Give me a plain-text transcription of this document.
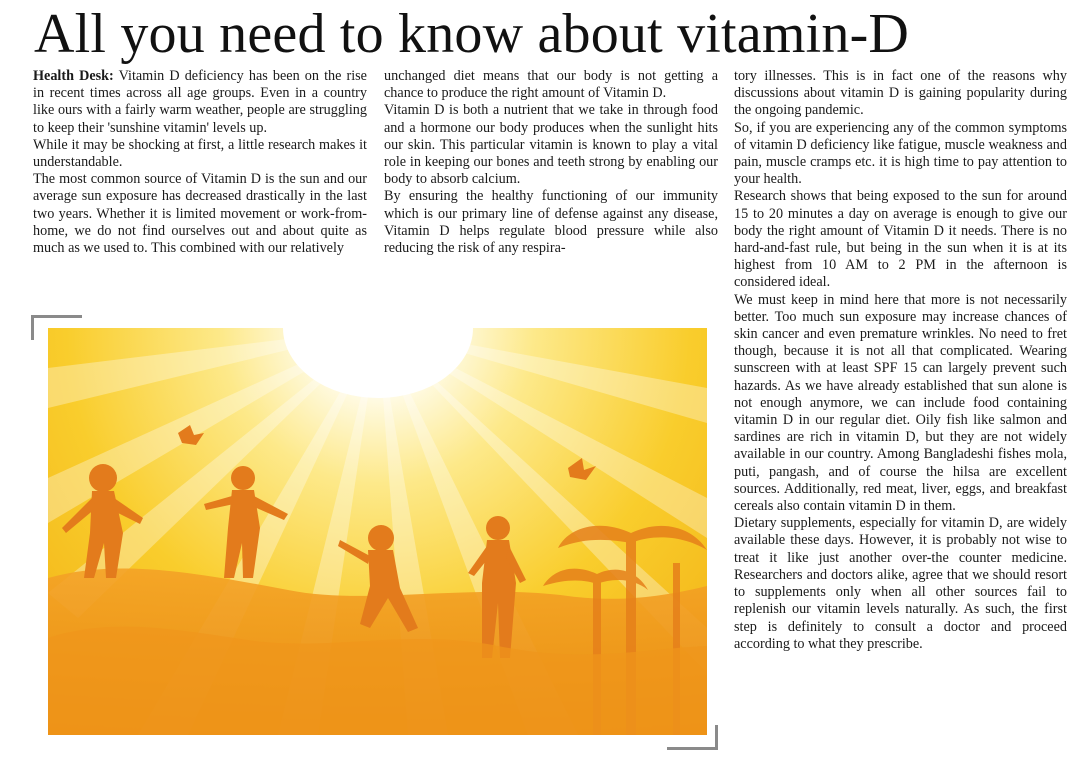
All you need to know about vitamin-D

Health Desk: Vitamin D deficiency has been on the rise in recent times across all age groups. Even in a country like ours with a fairly warm weather, people are struggling to keep their 'sunshine vitamin' levels up.

While it may be shocking at first, a little research makes it understandable.

The most common source of Vitamin D is the sun and our average sun exposure has decreased drastically in the last two years. Whether it is limited movement or work-from-home, we do not find ourselves out and about quite as much as we used to. This combined with our relatively

unchanged diet means that our body is not getting a chance to produce the right amount of Vitamin D.

Vitamin D is both a nutrient that we take in through food and a hormone our body produces when the sunlight hits our skin. This particular vitamin is known to play a vital role in keeping our bones and teeth strong by enabling our body to absorb calcium.

By ensuring the healthy functioning of our immunity which is our primary line of defense against any disease, Vitamin D helps regulate blood pressure while also reducing the risk of any respira-

tory illnesses. This is in fact one of the reasons why discussions about vitamin D is gaining popularity during the ongoing pandemic.

So, if you are experiencing any of the common symptoms of vitamin D deficiency like fatigue, muscle weakness and pain, muscle cramps etc. it is high time to pay attention to your health.

Research shows that being exposed to the sun for around 15 to 20 minutes a day on average is enough to give our body the right amount of Vitamin D it needs. There is no hard-and-fast rule, but being in the sun when it is at its highest from 10 AM to 2 PM in the afternoon is considered ideal.

We must keep in mind here that more is not necessarily better. Too much sun exposure may increase chances of skin cancer and even premature wrinkles. No need to fret though, because it is not all that complicated. Wearing sunscreen with at least SPF 15 can largely prevent such hazards. As we have already established that sun alone is not enough anymore, we can include food containing vitamin D in our regular diet. Oily fish like salmon and sardines are rich in vitamin D, but they are not widely available in our country. Among Bangladeshi fishes mola, puti, pangash, and of course the hilsa are excellent sources. Additionally, red meat, liver, eggs, and breakfast cereals also contain vitamin D in them.

Dietary supplements, especially for vitamin D, are widely available these days. However, it is probably not wise to treat it like just another over-the counter medicine. Researchers and doctors alike, agree that we should resort to supplements only when all other sources fail to replenish our vitamin levels naturally. As such, the first step is definitely to consult a doctor and proceed according to what they prescribe.
